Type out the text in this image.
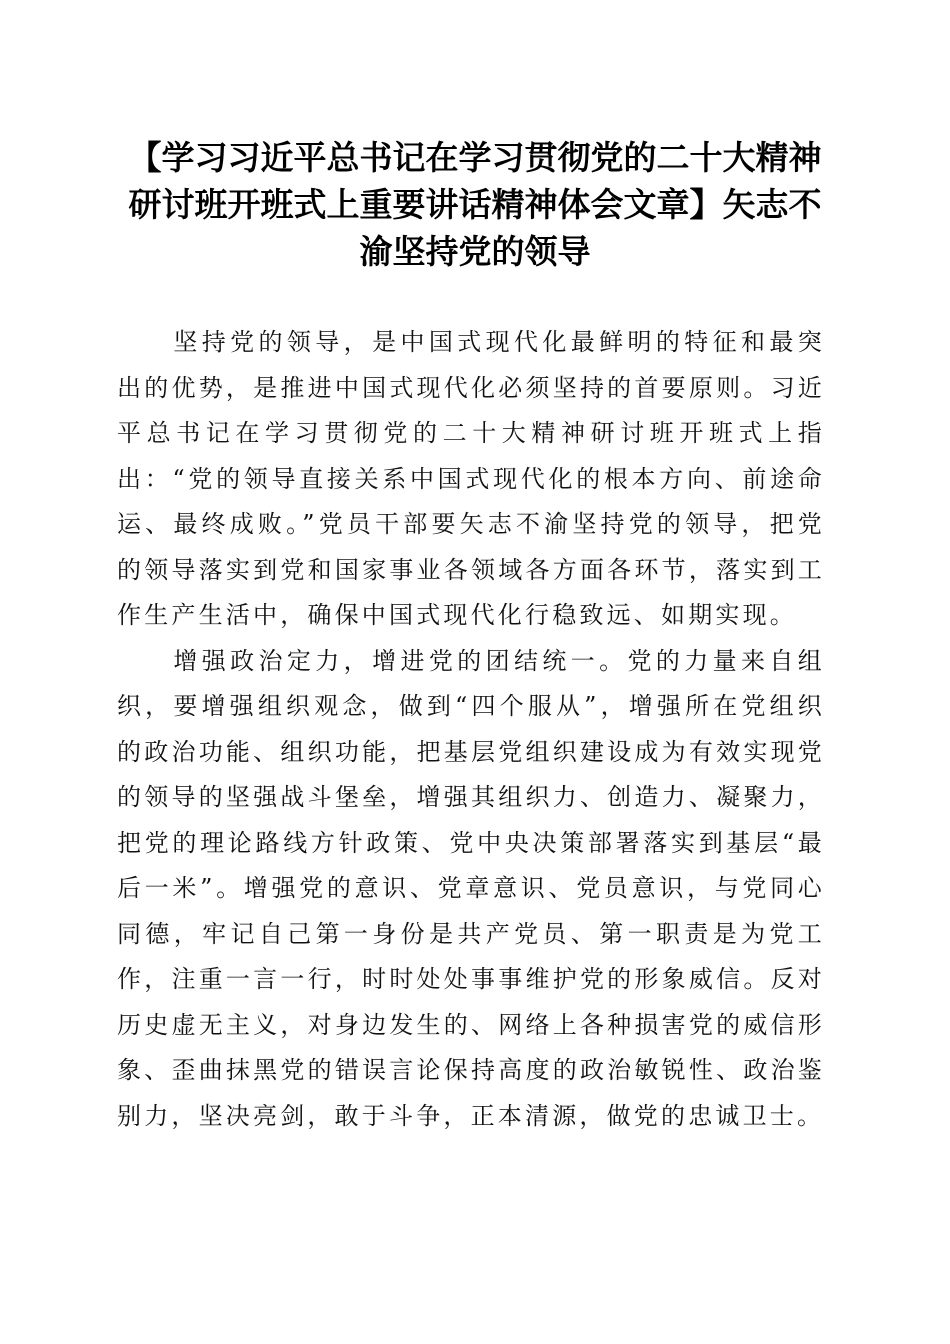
【学习习近平总书记在学习贯彻党的二十大精神研讨班开班式上重要讲话精神体会文章】矢志不渝坚持党的领导

坚持党的领导，是中国式现代化最鲜明的特征和最突出的优势，是推进中国式现代化必须坚持的首要原则。习近平总书记在学习贯彻党的二十大精神研讨班开班式上指出：“党的领导直接关系中国式现代化的根本方向、前途命运、最终成败。”党员干部要矢志不渝坚持党的领导，把党的领导落实到党和国家事业各领域各方面各环节，落实到工作生产生活中，确保中国式现代化行稳致远、如期实现。

增强政治定力，增进党的团结统一。党的力量来自组织，要增强组织观念，做到“四个服从”，增强所在党组织的政治功能、组织功能，把基层党组织建设成为有效实现党的领导的坚强战斗堡垒，增强其组织力、创造力、凝聚力，把党的理论路线方针政策、党中央决策部署落实到基层“最后一米”。增强党的意识、党章意识、党员意识，与党同心同德，牢记自己第一身份是共产党员、第一职责是为党工作，注重一言一行，时时处处事事维护党的形象威信。反对历史虚无主义，对身边发生的、网络上各种损害党的威信形象、歪曲抹黑党的错误言论保持高度的政治敏锐性、政治鉴别力，坚决亮剑，敢于斗争，正本清源，做党的忠诚卫士。
